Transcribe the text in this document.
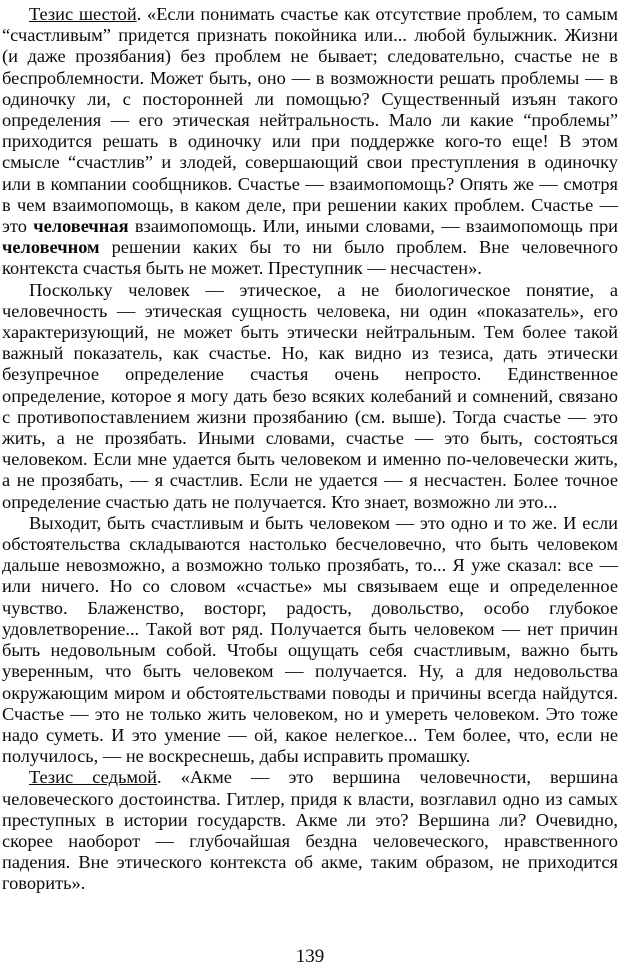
Тезис шестой. «Если понимать счастье как отсутствие проблем, то самым “счастливым” придется признать покойника или... любой булыжник. Жизни (и даже прозябания) без проблем не бывает; следовательно, счастье не в беспроблемности. Может быть, оно — в возможности решать проблемы — в одиночку ли, с посторонней ли помощью? Существенный изъян такого определения — его этическая нейтральность. Мало ли какие “проблемы” приходится решать в одиночку или при поддержке кого-то еще! В этом смысле “счастлив” и злодей, совершающий свои преступления в одиночку или в компании сообщников. Счастье — взаимопомощь? Опять же — смотря в чем взаимопомощь, в каком деле, при решении каких проблем. Счастье — это человечная взаимопомощь. Или, иными словами, — взаимопомощь при человечном решении каких бы то ни было проблем. Вне человечного контекста счастья быть не может. Преступник — несчастен».

Поскольку человек — этическое, а не биологическое понятие, а человечность — этическая сущность человека, ни один «показатель», его характеризующий, не может быть этически нейтральным. Тем более такой важный показатель, как счастье. Но, как видно из тезиса, дать этически безупречное определение счастья очень непросто. Единственное определение, которое я могу дать безо всяких колебаний и сомнений, связано с противопоставлением жизни прозябанию (см. выше). Тогда счастье — это жить, а не прозябать. Иными словами, счастье — это быть, состояться человеком. Если мне удается быть человеком и именно по-человечески жить, а не прозябать, — я счастлив. Если не удается — я несчастен. Более точное определение счастью дать не получается. Кто знает, возможно ли это...

Выходит, быть счастливым и быть человеком — это одно и то же. И если обстоятельства складываются настолько бесчеловечно, что быть человеком дальше невозможно, а возможно только прозябать, то... Я уже сказал: все — или ничего. Но со словом «счастье» мы связываем еще и определенное чувство. Блаженство, восторг, радость, довольство, особо глубокое удовлетворение... Такой вот ряд. Получается быть человеком — нет причин быть недовольным собой. Чтобы ощущать себя счастливым, важно быть уверенным, что быть человеком — получается. Ну, а для недовольства окружающим миром и обстоятельствами поводы и причины всегда найдутся. Счастье — это не только жить человеком, но и умереть человеком. Это тоже надо суметь. И это умение — ой, какое нелегкое... Тем более, что, если не получилось, — не воскреснешь, дабы исправить промашку.

Тезис седьмой. «Акме — это вершина человечности, вершина человеческого достоинства. Гитлер, придя к власти, возглавил одно из самых преступных в истории государств. Акме ли это? Вершина ли? Очевидно, скорее наоборот — глубочайшая бездна человеческого, нравственного падения. Вне этического контекста об акме, таким образом, не приходится говорить».

139
